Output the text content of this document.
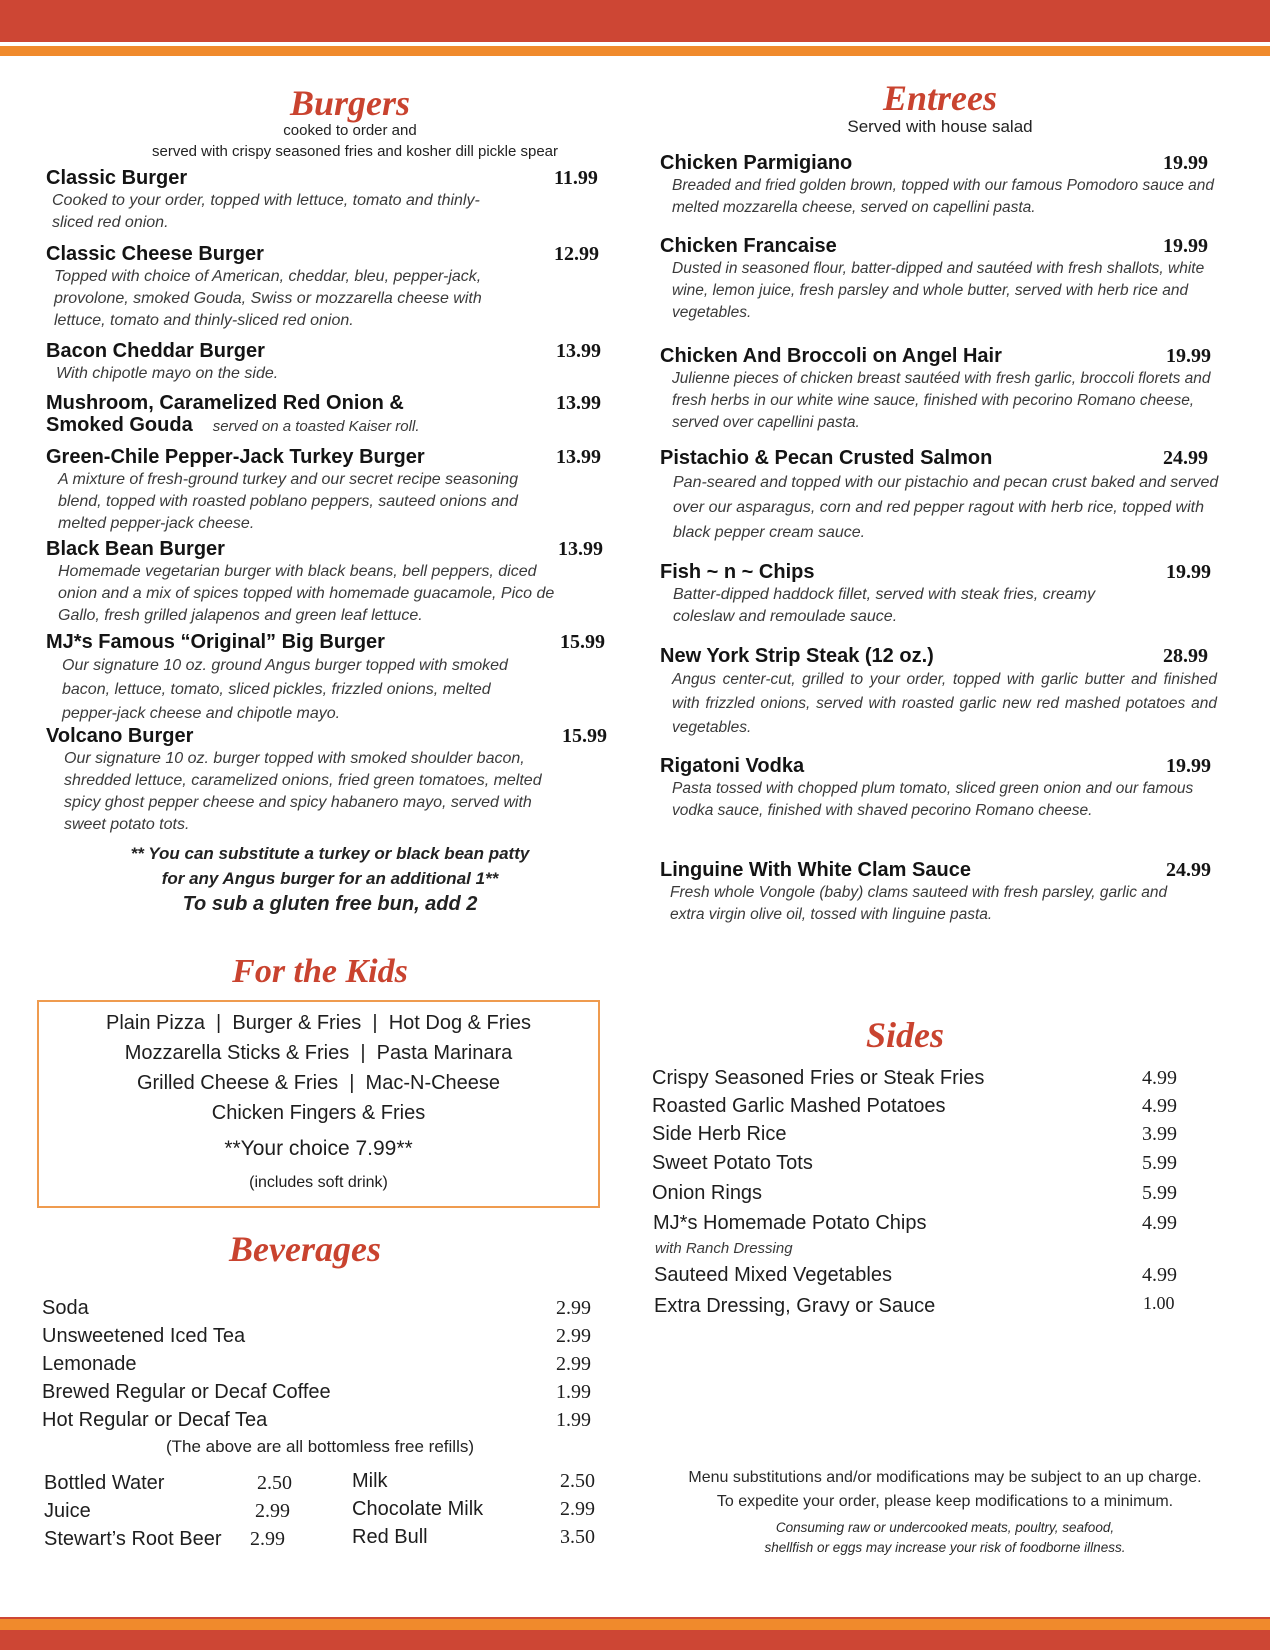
Burgers
cooked to order and
served with crispy seasoned fries and kosher dill pickle spear
Classic Burger	11.99
Cooked to your order, topped with lettuce, tomato and thinly-sliced red onion.
Classic Cheese Burger	12.99
Topped with choice of American, cheddar, bleu, pepper-jack, provolone, smoked Gouda, Swiss or mozzarella cheese with lettuce, tomato and thinly-sliced red onion.
Bacon Cheddar Burger	13.99
With chipotle mayo on the side.
Mushroom, Caramelized Red Onion &	13.99
Smoked Gouda served on a toasted Kaiser roll.
Green-Chile Pepper-Jack Turkey Burger	13.99
A mixture of fresh-ground turkey and our secret recipe seasoning blend, topped with roasted poblano peppers, sauteed onions and melted pepper-jack cheese.
Black Bean Burger	13.99
Homemade vegetarian burger with black beans, bell peppers, diced onion and a mix of spices topped with homemade guacamole, Pico de Gallo, fresh grilled jalapenos and green leaf lettuce.
MJ*s Famous “Original” Big Burger	15.99
Our signature 10 oz. ground Angus burger topped with smoked bacon, lettuce, tomato, sliced pickles, frizzled onions, melted pepper-jack cheese and chipotle mayo.
Volcano Burger	15.99
Our signature 10 oz. burger topped with smoked shoulder bacon, shredded lettuce, caramelized onions, fried green tomatoes, melted spicy ghost pepper cheese and spicy habanero mayo, served with sweet potato tots.
** You can substitute a turkey or black bean patty
for any Angus burger for an additional 1**
To sub a gluten free bun, add 2
Entrees
Served with house salad
Chicken Parmigiano	19.99
Breaded and fried golden brown, topped with our famous Pomodoro sauce and melted mozzarella cheese, served on capellini pasta.
Chicken Francaise	19.99
Dusted in seasoned flour, batter-dipped and sautéed with fresh shallots, white wine, lemon juice, fresh parsley and whole butter, served with herb rice and vegetables.
Chicken And Broccoli on Angel Hair	19.99
Julienne pieces of chicken breast sautéed with fresh garlic, broccoli florets and fresh herbs in our white wine sauce, finished with pecorino Romano cheese, served over capellini pasta.
Pistachio & Pecan Crusted Salmon	24.99
Pan-seared and topped with our pistachio and pecan crust baked and served over our asparagus, corn and red pepper ragout with herb rice, topped with black pepper cream sauce.
Fish ~ n ~ Chips	19.99
Batter-dipped haddock fillet, served with steak fries, creamy coleslaw and remoulade sauce.
New York Strip Steak (12 oz.)	28.99
Angus center-cut, grilled to your order, topped with garlic butter and finished with frizzled onions, served with roasted garlic new red mashed potatoes and vegetables.
Rigatoni Vodka	19.99
Pasta tossed with chopped plum tomato, sliced green onion and our famous vodka sauce, finished with shaved pecorino Romano cheese.
Linguine With White Clam Sauce	24.99
Fresh whole Vongole (baby) clams sauteed with fresh parsley, garlic and extra virgin olive oil, tossed with linguine pasta.
For the Kids
Plain Pizza  |  Burger & Fries  |  Hot Dog & Fries
Mozzarella Sticks & Fries  |  Pasta Marinara
Grilled Cheese & Fries  |  Mac-N-Cheese
Chicken Fingers & Fries
**Your choice 7.99**
(includes soft drink)
Beverages
Soda	2.99
Unsweetened Iced Tea	2.99
Lemonade	2.99
Brewed Regular or Decaf Coffee	1.99
Hot Regular or Decaf Tea	1.99
(The above are all bottomless free refills)
Bottled Water	2.50
Juice	2.99
Stewart’s Root Beer 2.99
Milk	2.50
Chocolate Milk	2.99
Red Bull	3.50
Sides
Crispy Seasoned Fries or Steak Fries	4.99
Roasted Garlic Mashed Potatoes	4.99
Side Herb Rice	3.99
Sweet Potato Tots	5.99
Onion Rings	5.99
MJ*s Homemade Potato Chips	4.99
with Ranch Dressing
Sauteed Mixed Vegetables	4.99
Extra Dressing, Gravy or Sauce	1.00
Menu substitutions and/or modifications may be subject to an up charge.
To expedite your order, please keep modifications to a minimum.
Consuming raw or undercooked meats, poultry, seafood,
shellfish or eggs may increase your risk of foodborne illness.
